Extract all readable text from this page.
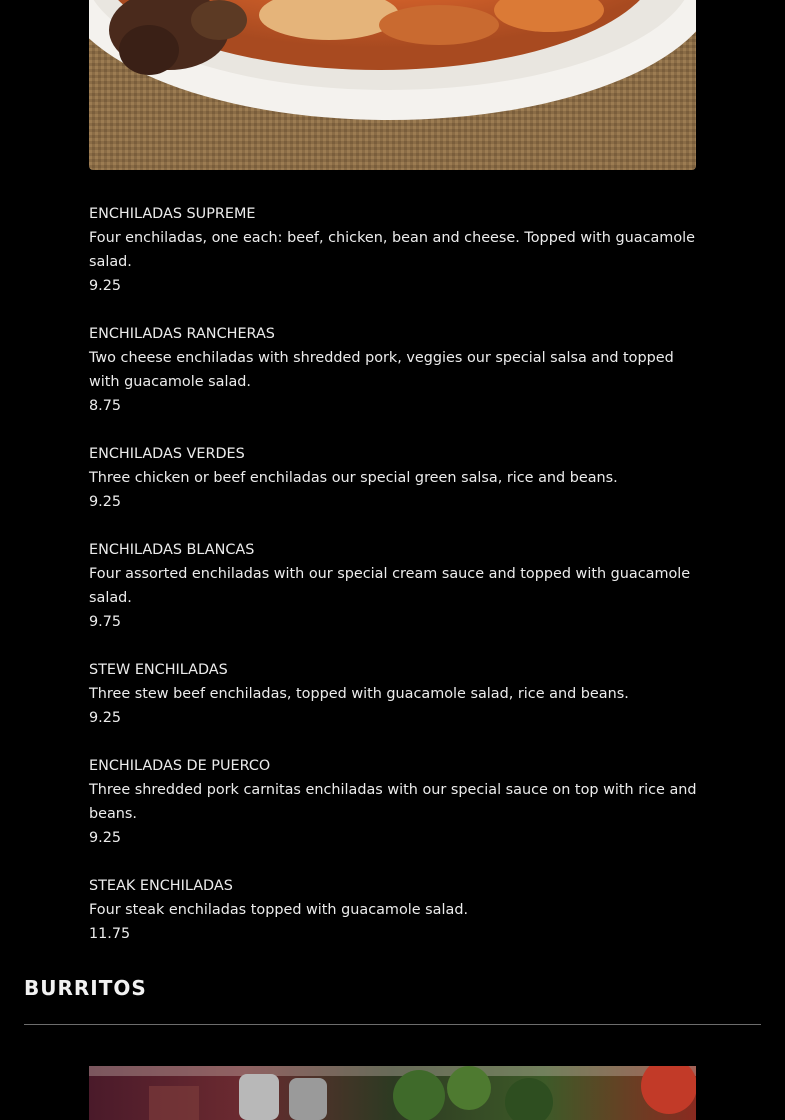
ENCHILADAS SUPREME
Four enchiladas, one each: beef, chicken, bean and cheese. Topped with guacamole salad.
9.25
ENCHILADAS RANCHERAS
Two cheese enchiladas with shredded pork, veggies our special salsa and topped with guacamole salad.
8.75
ENCHILADAS VERDES
Three chicken or beef enchiladas our special green salsa, rice and beans.
9.25
ENCHILADAS BLANCAS
Four assorted enchiladas with our special cream sauce and topped with guacamole salad.
9.75
STEW ENCHILADAS
Three stew beef enchiladas, topped with guacamole salad, rice and beans.
9.25
ENCHILADAS DE PUERCO
Three shredded pork carnitas enchiladas with our special sauce on top with rice and beans.
9.25
STEAK ENCHILADAS
Four steak enchiladas topped with guacamole salad.
11.75
BURRITOS
